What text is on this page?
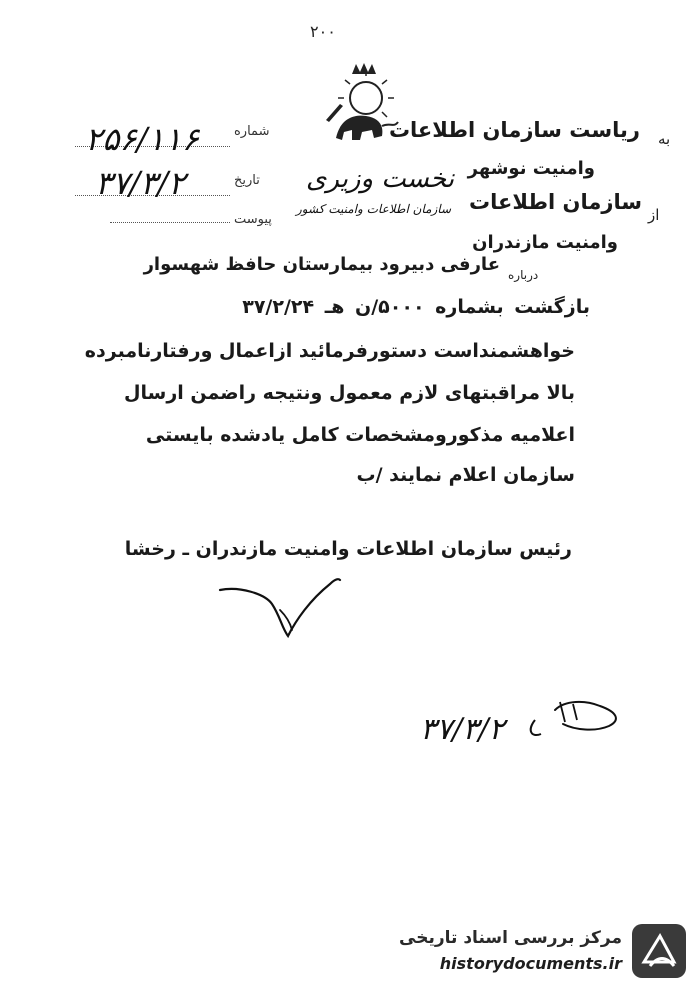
۲۰۰
به
ریاست سازمان اطلاعات
وامنیت نوشهر
از
سازمان اطلاعات
وامنیت مازندران
درباره
عارفی دبیرود بیمارستان حافظ شهسوار
نخست وزیری
سازمان اطلاعات وامنیت کشور
شماره
تاریخ
پیوست
۲۵۶/۱۱۶
۳۷/۳/۲
بازگشت بشماره ۵۰۰۰/ن هـ ۳۷/۲/۲۴
خواهشمنداست دستورفرمائید ازاعمال ورفتارنامبرده
بالا مراقبتهای لازم معمول ونتیجه راضمن ارسال
اعلامیه مذکورومشخصات کامل یادشده بایستی
سازمان اعلام نمایند /ب
رئیس سازمان اطلاعات وامنیت مازندران ـ رخشا
۳۷/۳/۲
مرکز بررسی اسناد تاریخی
historydocuments.ir
